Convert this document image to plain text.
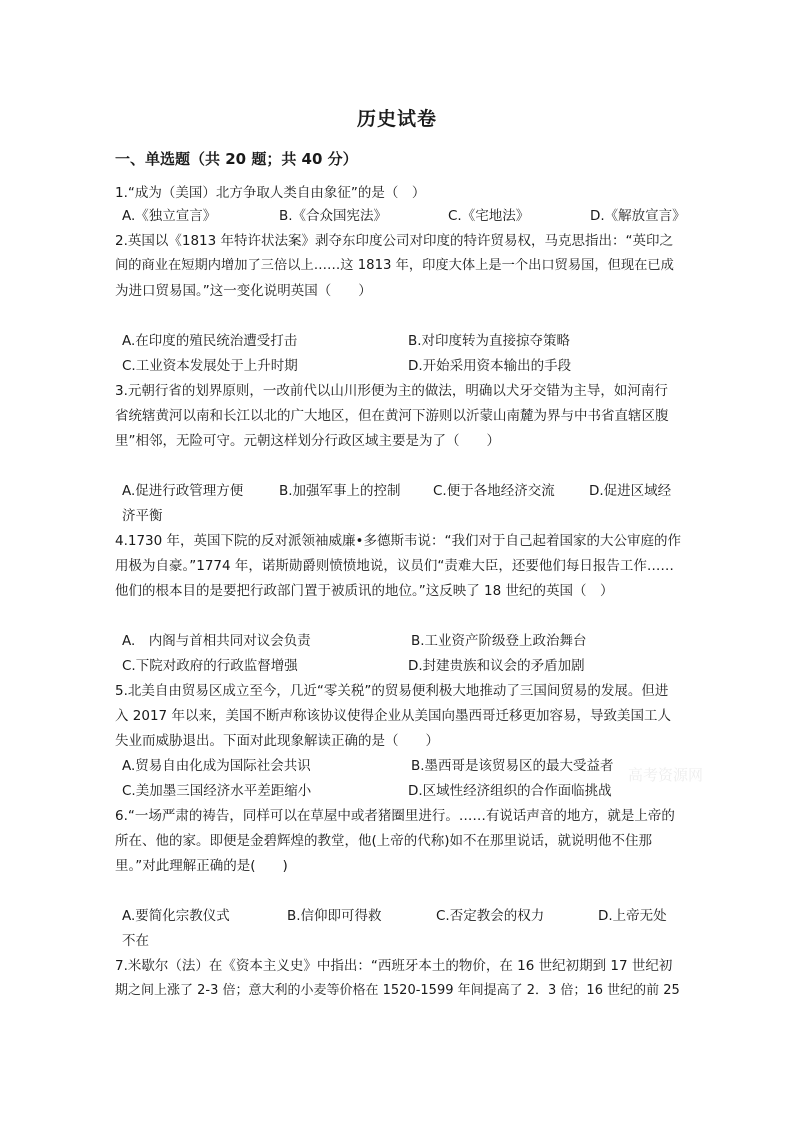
历史试卷
一、单选题（共 20 题；共 40 分）
1.“成为（美国）北方争取人类自由象征”的是（　）
A.《独立宣言》	B.《合众国宪法》	C.《宅地法》	D.《解放宣言》
2.英国以《1813 年特许状法案》剥夺东印度公司对印度的特许贸易权，马克思指出：“英印之
间的商业在短期内增加了三倍以上……这 1813 年，印度大体上是一个出口贸易国，但现在已成
为进口贸易国。”这一变化说明英国（　　）
A.在印度的殖民统治遭受打击	B.对印度转为直接掠夺策略
C.工业资本发展处于上升时期	D.开始采用资本输出的手段
3.元朝行省的划界原则，一改前代以山川形便为主的做法，明确以犬牙交错为主导，如河南行
省统辖黄河以南和长江以北的广大地区，但在黄河下游则以沂蒙山南麓为界与中书省直辖区腹
里”相邻，无险可守。元朝这样划分行政区域主要是为了（　　）
A.促进行政管理方便	B.加强军事上的控制 C.便于各地经济交流	D.促进区域经
济平衡
4.1730 年，英国下院的反对派领袖威廉•多德斯韦说：“我们对于自己起着国家的大公审庭的作
用极为自豪。”1774 年，诺斯勋爵则愤愤地说，议员们“责难大臣，还要他们每日报告工作……
他们的根本目的是要把行政部门置于被质讯的地位。”这反映了 18 世纪的英国（　）
A.　内阁与首相共同对议会负责	B.工业资产阶级登上政治舞台
C.下院对政府的行政监督增强	D.封建贵族和议会的矛盾加剧
5.北美自由贸易区成立至今，几近“零关税”的贸易便利极大地推动了三国间贸易的发展。但进
入 2017 年以来，美国不断声称该协议使得企业从美国向墨西哥迁移更加容易，导致美国工人
失业而威胁退出。下面对此现象解读正确的是（　　）
A.贸易自由化成为国际社会共识	B.墨西哥是该贸易区的最大受益者
C.美加墨三国经济水平差距缩小	D.区域性经济组织的合作面临挑战
高考资源网
6.“一场严肃的祷告，同样可以在草屋中或者猪圈里进行。……有说话声音的地方，就是上帝的
所在、他的家。即便是金碧辉煌的教堂，他(上帝的代称)如不在那里说话，就说明他不住那
里。”对此理解正确的是(　　)
A.要简化宗教仪式	B.信仰即可得救	C.否定教会的权力	D.上帝无处
不在
7.米歇尔（法）在《资本主义史》中指出：“西班牙本土的物价，在 16 世纪初期到 17 世纪初
期之间上涨了 2-3 倍；意大利的小麦等价格在 1520-1599 年间提高了 2．3 倍；16 世纪的前 25
